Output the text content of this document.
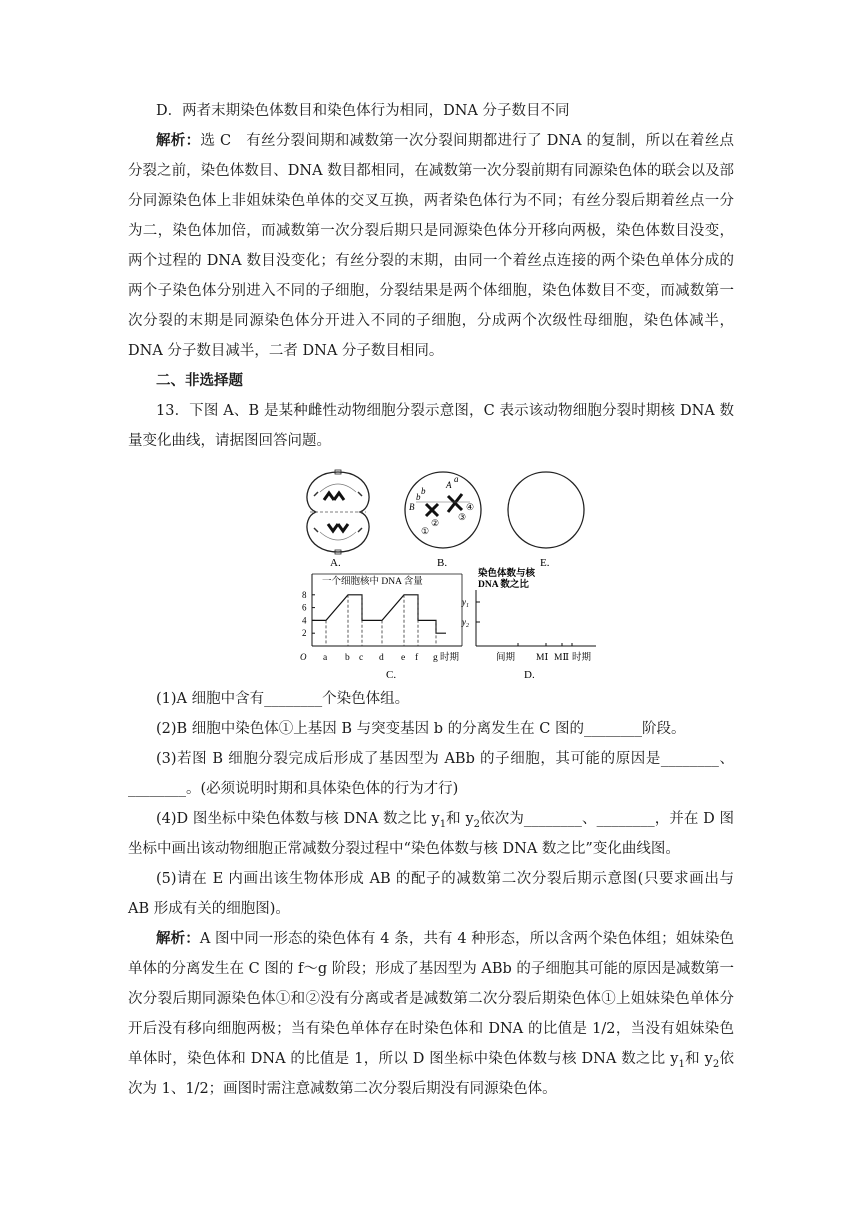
D．两者末期染色体数目和染色体行为相同，DNA 分子数目不同
解析：选 C　有丝分裂间期和减数第一次分裂间期都进行了 DNA 的复制，所以在着丝点分裂之前，染色体数目、DNA 数目都相同，在减数第一次分裂前期有同源染色体的联会以及部分同源染色体上非姐妹染色单体的交叉互换，两者染色体行为不同；有丝分裂后期着丝点一分为二，染色体加倍，而减数第一次分裂后期只是同源染色体分开移向两极，染色体数目没变，两个过程的 DNA 数目没变化；有丝分裂的末期，由同一个着丝点连接的两个染色单体分成的两个子染色体分别进入不同的子细胞，分裂结果是两个体细胞，染色体数目不变，而减数第一次分裂的末期是同源染色体分开进入不同的子细胞，分成两个次级性母细胞，染色体减半，DNA 分子数目减半，二者 DNA 分子数目相同。
二、非选择题
13．下图 A、B 是某种雌性动物细胞分裂示意图，C 表示该动物细胞分裂时期核 DNA 数量变化曲线，请据图回答问题。
A.
B
b
b
A
a
①
②
③
④
B.	E.
2
4
6
8
a b c d e f g
一个细胞核中 DNA 含量
O	时期
C.
染色体数与核
DNA 数之比
$y_1$
$y_2$
间期 MⅠ MⅡ 时期
D.
(1)A 细胞中含有________个染色体组。
(2)B 细胞中染色体①上基因 B 与突变基因 b 的分离发生在 C 图的________阶段。
(3)若图 B 细胞分裂完成后形成了基因型为 ABb 的子细胞，其可能的原因是________、________。(必须说明时期和具体染色体的行为才行)
(4)D 图坐标中染色体数与核 DNA 数之比 $y_1$和 $y_2$依次为________、________，并在 D 图坐标中画出该动物细胞正常减数分裂过程中“染色体数与核 DNA 数之比”变化曲线图。
(5)请在 E 内画出该生物体形成 AB 的配子的减数第二次分裂后期示意图(只要求画出与 AB 形成有关的细胞图)。
解析：A 图中同一形态的染色体有 4 条，共有 4 种形态，所以含两个染色体组；姐妹染色单体的分离发生在 C 图的 f～g 阶段；形成了基因型为 ABb 的子细胞其可能的原因是减数第一次分裂后期同源染色体①和②没有分离或者是减数第二次分裂后期染色体①上姐妹染色单体分开后没有移向细胞两极；当有染色单体存在时染色体和 DNA 的比值是 1/2，当没有姐妹染色单体时，染色体和 DNA 的比值是 1，所以 D 图坐标中染色体数与核 DNA 数之比 $y_1$和 $y_2$依次为 1、1/2；画图时需注意减数第二次分裂后期没有同源染色体。
